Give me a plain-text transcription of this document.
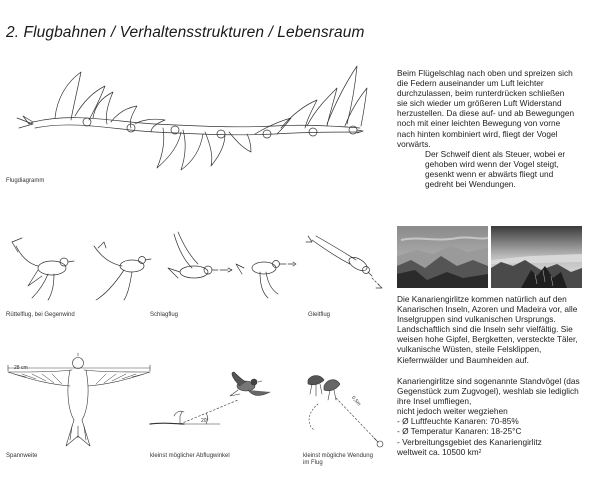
2. Flugbahnen / Verhaltensstrukturen / Lebensraum
Flugdiagramm
Rüttelflug, bei Gegenwind	Schlagflug	Gleitflug
28 cm
Spannweite
20°
kleinst möglicher Abflugwinkel
0,5m
kleinst mögliche Wendung
im Flug

Beim Flügelschlag nach oben und spreizen sich die Federn auseinander um Luft leichter durchzulassen, beim runterdrücken schließen sie sich wieder um größeren Luft Widerstand herzustellen. Da diese auf- und ab Bewegungen noch mit einer leichten Bewegung von vorne nach hinten kombiniert wird, fliegt der Vogel vorwärts.

Der Schweif dient als Steuer, wobei er gehoben wird wenn der Vogel steigt, gesenkt wenn er abwärts fliegt und gedreht bei Wendungen.

Die Kanariengirlitze kommen natürlich auf den Kanarischen Inseln, Azoren und Madeira vor, alle Inselgruppen sind vulkanischen Ursprungs. Landschaftlich sind die Inseln sehr vielfältig. Sie weisen hohe Gipfel, Bergketten, versteckte Täler, vulkanische Wüsten, steile Felsklippen, Kiefernwälder und Baumheiden auf.

Kanariengirlitze sind sogenannte Standvögel (das Gegenstück zum Zugvogel), weshlab sie lediglich ihre Insel umfliegen,

nicht jedoch weiter wegziehen

- Ø Luftfeuchte Kanaren: 70-85%

- Ø Temperatur Kanaren: 18-25°C

- Verbreitungsgebiet des Kanariengirlitz

weltweit ca. 10500 $km^2$
